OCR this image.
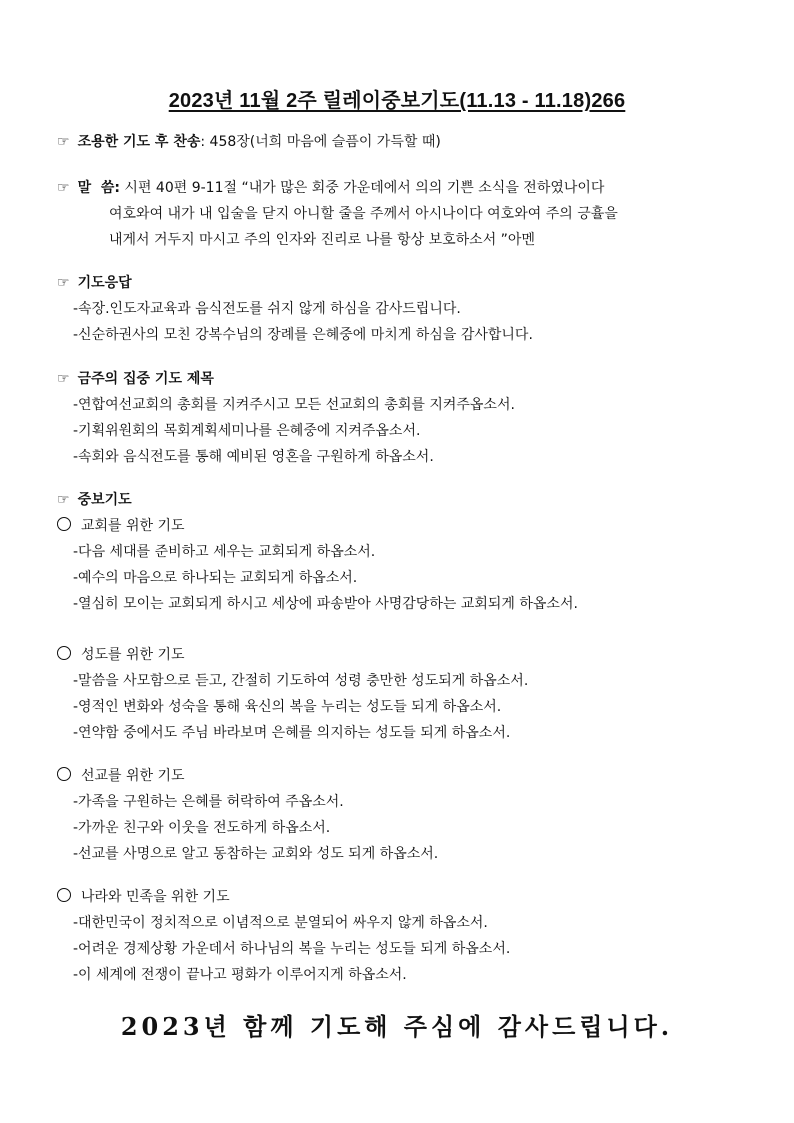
2023년 11월 2주 릴레이중보기도(11.13 - 11.18)266
☞ 조용한 기도 후 찬송: 458장(너희 마음에 슬픔이 가득할 때)
☞ 말  씀: 시편 40편 9-11절 “내가 많은 회중 가운데에서 의의 기쁜 소식을 전하였나이다
여호와여 내가 내 입술을 닫지 아니할 줄을 주께서 아시나이다 여호와여 주의 긍휼을
내게서 거두지 마시고 주의 인자와 진리로 나를 항상 보호하소서 ”아멘
☞ 기도응답
-속장.인도자교육과 음식전도를 쉬지 않게 하심을 감사드립니다.
-신순하권사의 모친 강복수님의 장례를 은혜중에 마치게 하심을 감사합니다.
☞ 금주의 집중 기도 제목
-연합여선교회의 총회를 지켜주시고 모든 선교회의 총회를 지켜주옵소서.
-기획위원회의 목회계획세미나를 은혜중에 지켜주옵소서.
-속회와 음식전도를 통해 예비된 영혼을 구원하게 하옵소서.
☞ 중보기도
교회를 위한 기도
-다음 세대를 준비하고 세우는 교회되게 하옵소서.
-예수의 마음으로 하나되는 교회되게 하옵소서.
-열심히 모이는 교회되게 하시고 세상에 파송받아 사명감당하는 교회되게 하옵소서.
성도를 위한 기도
-말씀을 사모함으로 듣고, 간절히 기도하여 성령 충만한 성도되게 하옵소서.
-영적인 변화와 성숙을 통해 육신의 복을 누리는 성도들 되게 하옵소서.
-연약함 중에서도 주님 바라보며 은혜를 의지하는 성도들 되게 하옵소서.
선교를 위한 기도
-가족을 구원하는 은혜를 허락하여 주옵소서.
-가까운 친구와 이웃을 전도하게 하옵소서.
-선교를 사명으로 알고 동참하는 교회와 성도 되게 하옵소서.
나라와 민족을 위한 기도
-대한민국이 정치적으로 이념적으로 분열되어 싸우지 않게 하옵소서.
-어려운 경제상황 가운데서 하나님의 복을 누리는 성도들 되게 하옵소서.
-이 세계에 전쟁이 끝나고 평화가 이루어지게 하옵소서.
2023년 함께 기도해 주심에 감사드립니다.
